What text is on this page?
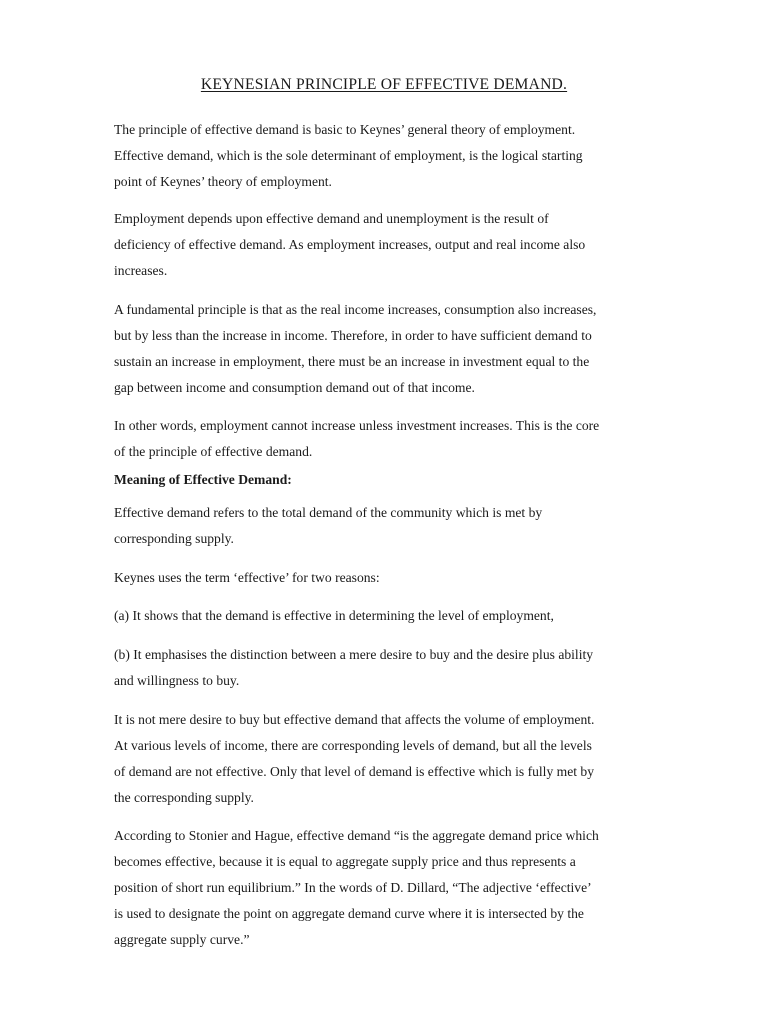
KEYNESIAN PRINCIPLE OF EFFECTIVE DEMAND.
The principle of effective demand is basic to Keynes’ general theory of employment.
Effective demand, which is the sole determinant of employment, is the logical starting
point of Keynes’ theory of employment.
Employment depends upon effective demand and unemployment is the result of
deficiency of effective demand. As employment increases, output and real income also
increases.
A fundamental principle is that as the real income increases, consumption also increases,
but by less than the increase in income. Therefore, in order to have sufficient demand to
sustain an increase in employment, there must be an increase in investment equal to the
gap between income and consumption demand out of that income.
In other words, employment cannot increase unless investment increases. This is the core
of the principle of effective demand.
Meaning of Effective Demand:
Effective demand refers to the total demand of the community which is met by
corresponding supply.
Keynes uses the term ‘effective’ for two reasons:
(a) It shows that the demand is effective in determining the level of employment,
(b) It emphasises the distinction between a mere desire to buy and the desire plus ability
and willingness to buy.
It is not mere desire to buy but effective demand that affects the volume of employment.
At various levels of income, there are corresponding levels of demand, but all the levels
of demand are not effective. Only that level of demand is effective which is fully met by
the corresponding supply.
According to Stonier and Hague, effective demand “is the aggregate demand price which
becomes effective, because it is equal to aggregate supply price and thus represents a
position of short run equilibrium.” In the words of D. Dillard, “The adjective ‘effective’
is used to designate the point on aggregate demand curve where it is intersected by the
aggregate supply curve.”
